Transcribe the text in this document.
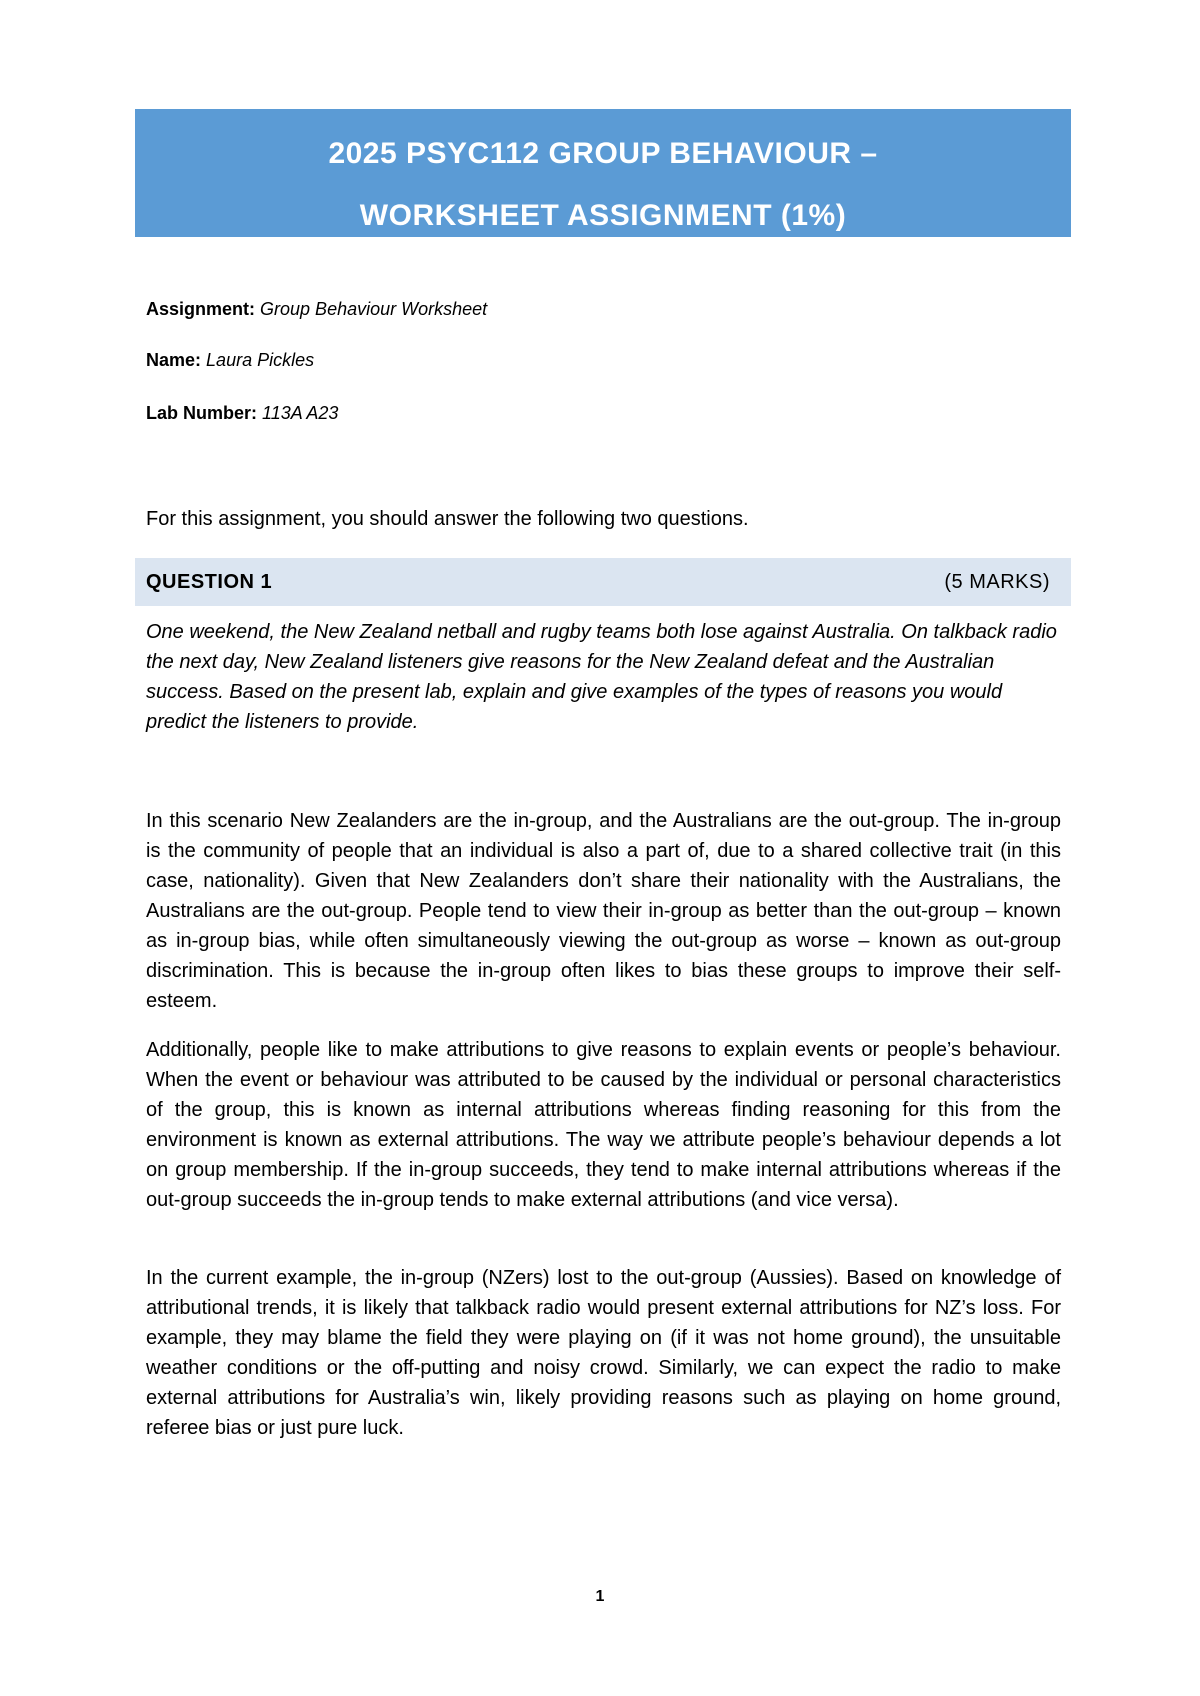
2025 PSYC112 GROUP BEHAVIOUR –
WORKSHEET ASSIGNMENT (1%)
Assignment: Group Behaviour Worksheet
Name: Laura Pickles
Lab Number: 113A A23
For this assignment, you should answer the following two questions.
QUESTION 1	(5 MARKS)

One weekend, the New Zealand netball and rugby teams both lose against Australia. On talkback radio the next day, New Zealand listeners give reasons for the New Zealand defeat and the Australian success. Based on the present lab, explain and give examples of the types of reasons you would predict the listeners to provide.

In this scenario New Zealanders are the in-group, and the Australians are the out-group. The in-group is the community of people that an individual is also a part of, due to a shared collective trait (in this case, nationality). Given that New Zealanders don’t share their nationality with the Australians, the Australians are the out-group. People tend to view their in-group as better than the out-group – known as in-group bias, while often simultaneously viewing the out-group as worse – known as out-group discrimination. This is because the in-group often likes to bias these groups to improve their self-esteem.

Additionally, people like to make attributions to give reasons to explain events or people’s behaviour. When the event or behaviour was attributed to be caused by the individual or personal characteristics of the group, this is known as internal attributions whereas finding reasoning for this from the environment is known as external attributions. The way we attribute people’s behaviour depends a lot on group membership. If the in-group succeeds, they tend to make internal attributions whereas if the out-group succeeds the in-group tends to make external attributions (and vice versa).

In the current example, the in-group (NZers) lost to the out-group (Aussies). Based on knowledge of attributional trends, it is likely that talkback radio would present external attributions for NZ’s loss. For example, they may blame the field they were playing on (if it was not home ground), the unsuitable weather conditions or the off-putting and noisy crowd. Similarly, we can expect the radio to make external attributions for Australia’s win, likely providing reasons such as playing on home ground, referee bias or just pure luck.

1
